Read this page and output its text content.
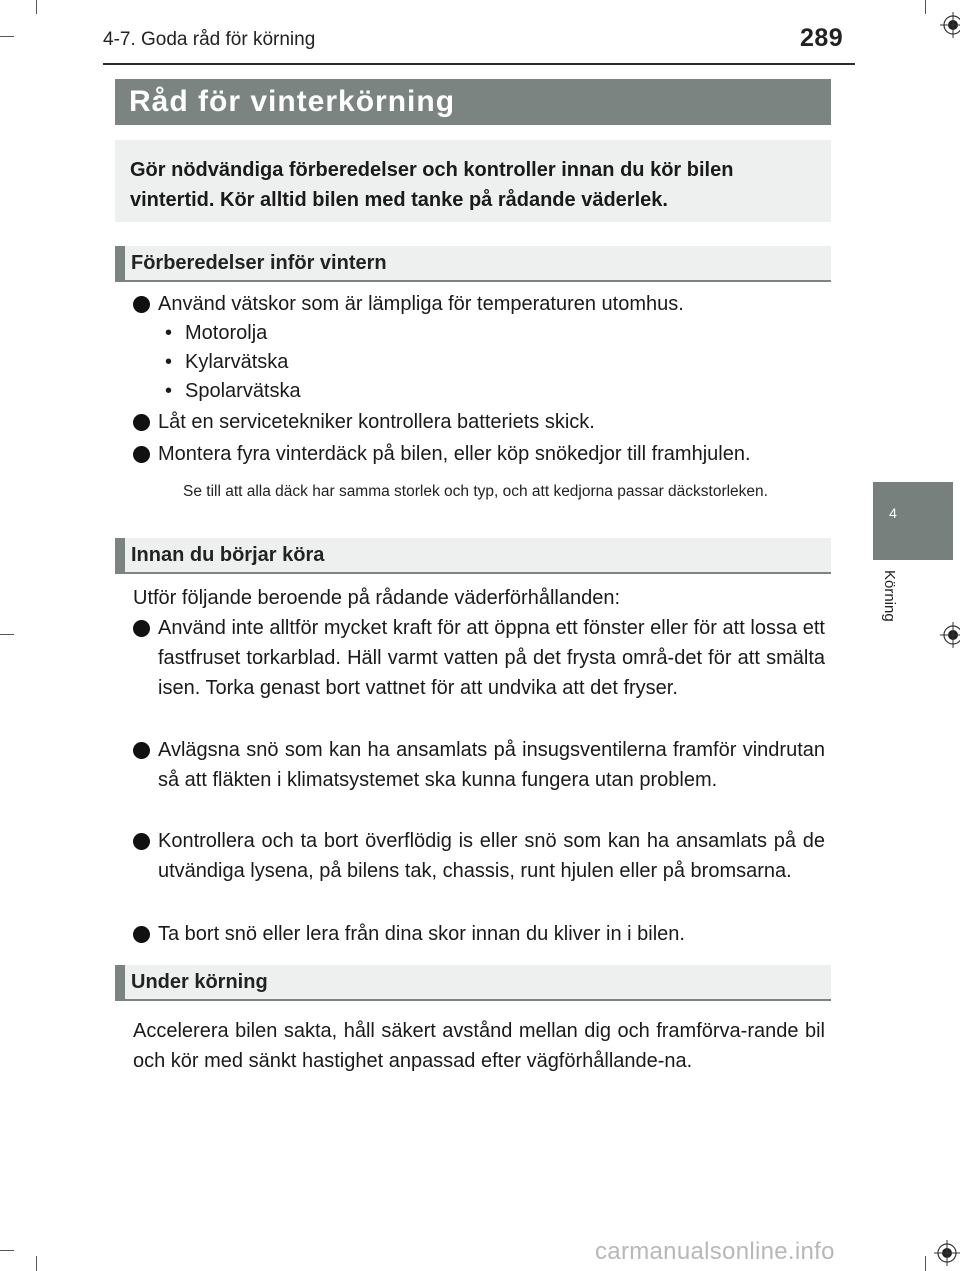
4-7. Goda råd för körning	289
4
Körning
Råd för vinterkörning
Gör nödvändiga förberedelser och kontroller innan du kör bilen vintertid. Kör alltid bilen med tanke på rådande väderlek.
Förberedelser inför vintern
Använd vätskor som är lämpliga för temperaturen utomhus.
• Motorolja
• Kylarvätska
• Spolarvätska
Låt en servicetekniker kontrollera batteriets skick.
Montera fyra vinterdäck på bilen, eller köp snökedjor till framhjulen.
Se till att alla däck har samma storlek och typ, och att kedjorna passar däckstorleken.
Innan du börjar köra
Utför följande beroende på rådande väderförhållanden:
Använd inte alltför mycket kraft för att öppna ett fönster eller för att lossa ett fastfruset torkarblad. Häll varmt vatten på det frysta områ-det för att smälta isen. Torka genast bort vattnet för att undvika att det fryser.
Avlägsna snö som kan ha ansamlats på insugsventilerna framför vindrutan så att fläkten i klimatsystemet ska kunna fungera utan problem.
Kontrollera och ta bort överflödig is eller snö som kan ha ansamlats på de utvändiga lysena, på bilens tak, chassis, runt hjulen eller på bromsarna.
Ta bort snö eller lera från dina skor innan du kliver in i bilen.
Under körning
Accelerera bilen sakta, håll säkert avstånd mellan dig och framförva-rande bil och kör med sänkt hastighet anpassad efter vägförhållande-na.
carmanualsonline.info
